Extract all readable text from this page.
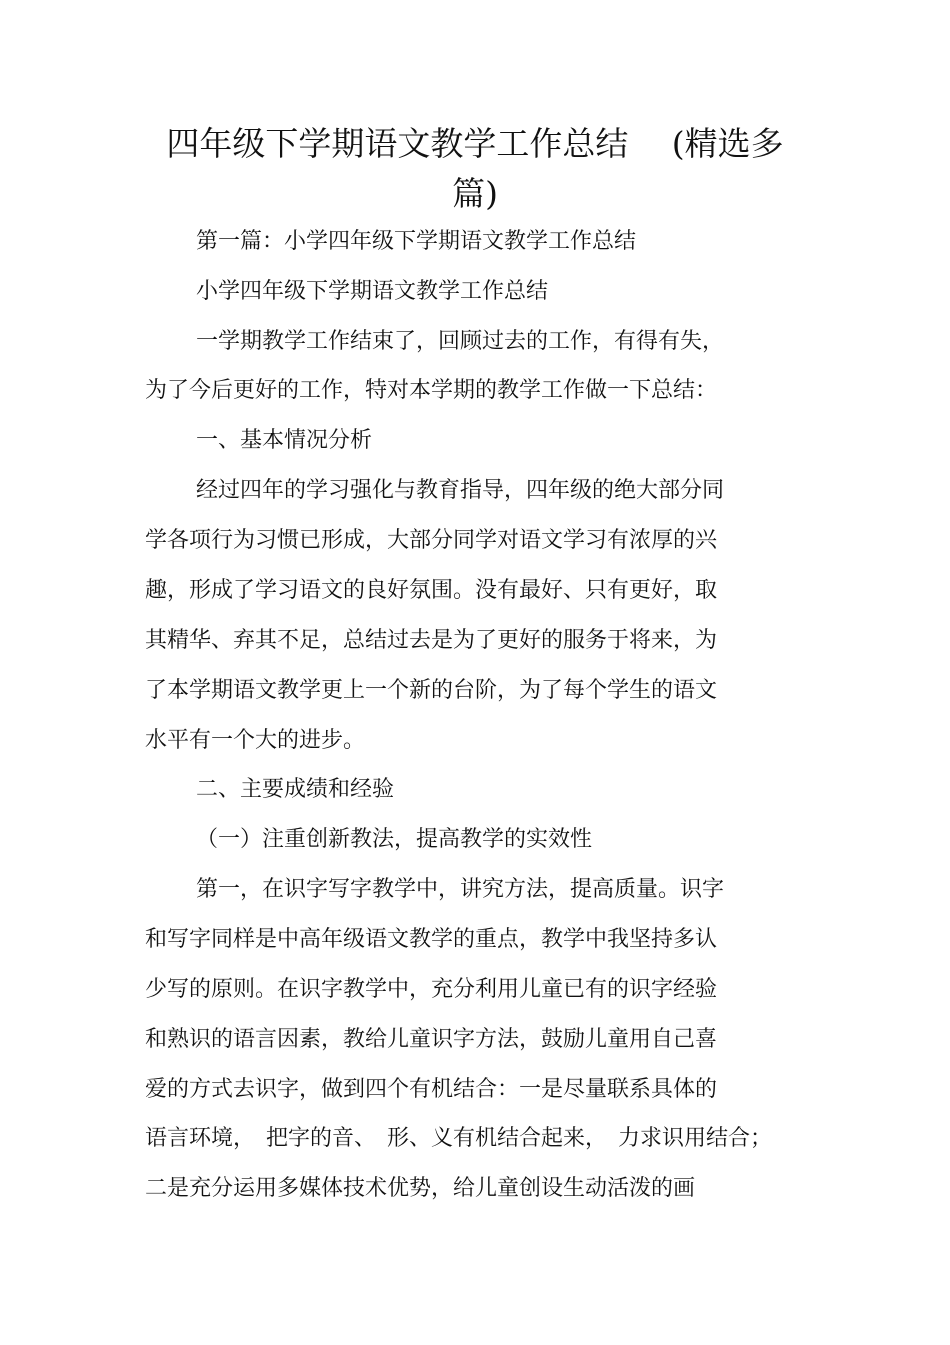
四年级下学期语文教学工作总结　 (精选多
篇)
第一篇：小学四年级下学期语文教学工作总结
小学四年级下学期语文教学工作总结
一学期教学工作结束了，回顾过去的工作，有得有失，
为了今后更好的工作，特对本学期的教学工作做一下总结：
一、基本情况分析
经过四年的学习强化与教育指导，四年级的绝大部分同
学各项行为习惯已形成，大部分同学对语文学习有浓厚的兴
趣，形成了学习语文的良好氛围。没有最好、只有更好，取
其精华、弃其不足，总结过去是为了更好的服务于将来，为
了本学期语文教学更上一个新的台阶，为了每个学生的语文
水平有一个大的进步。
二、主要成绩和经验
（一）注重创新教法，提高教学的实效性
第一，在识字写字教学中，讲究方法，提高质量。识字
和写字同样是中高年级语文教学的重点，教学中我坚持多认
少写的原则。在识字教学中，充分利用儿童已有的识字经验
和熟识的语言因素，教给儿童识字方法，鼓励儿童用自己喜
爱的方式去识字，做到四个有机结合：一是尽量联系具体的
语言环境，　把字的音、　形、义有机结合起来，　力求识用结合；
二是充分运用多媒体技术优势，给儿童创设生动活泼的画
